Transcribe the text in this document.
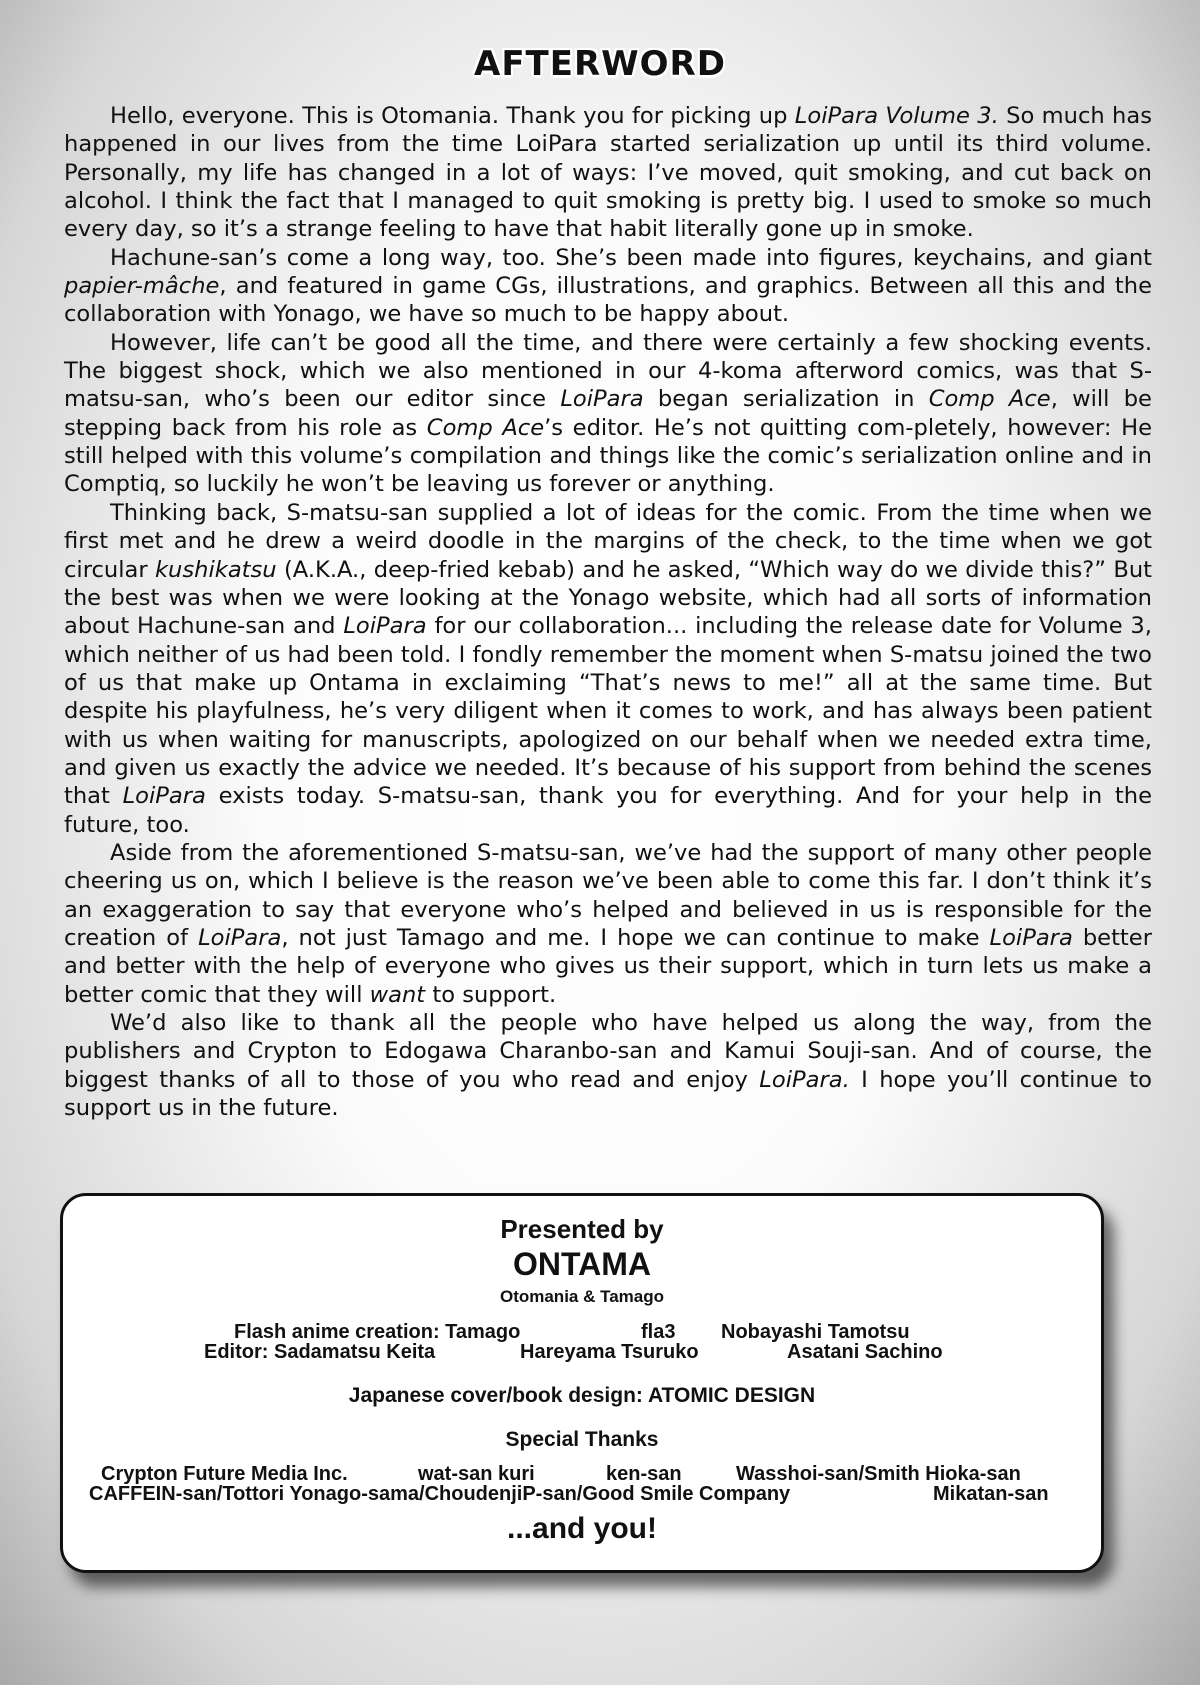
AFTERWORD

Hello, everyone. This is Otomania. Thank you for picking up LoiPara Volume 3. So much has happened in our lives from the time LoiPara started serialization up until its third volume. Personally, my life has changed in a lot of ways: I’ve moved, quit smoking, and cut back on alcohol. I think the fact that I managed to quit smoking is pretty big. I used to smoke so much every day, so it’s a strange feeling to have that habit literally gone up in smoke.

Hachune-san’s come a long way, too. She’s been made into figures, keychains, and giant papier-mâche, and featured in game CGs, illustrations, and graphics. Between all this and the collaboration with Yonago, we have so much to be happy about.

However, life can’t be good all the time, and there were certainly a few shocking events. The biggest shock, which we also mentioned in our 4-koma afterword comics, was that S-matsu-san, who’s been our editor since LoiPara began serialization in Comp Ace, will be stepping back from his role as Comp Ace’s editor. He’s not quitting com-pletely, however: He still helped with this volume’s compilation and things like the comic’s serialization online and in Comptiq, so luckily he won’t be leaving us forever or anything.

Thinking back, S-matsu-san supplied a lot of ideas for the comic. From the time when we first met and he drew a weird doodle in the margins of the check, to the time when we got circular kushikatsu (A.K.A., deep-fried kebab) and he asked, “Which way do we divide this?” But the best was when we were looking at the Yonago website, which had all sorts of information about Hachune-san and LoiPara for our collaboration... including the release date for Volume 3, which neither of us had been told. I fondly remember the moment when S-matsu joined the two of us that make up Ontama in exclaiming “That’s news to me!” all at the same time. But despite his playfulness, he’s very diligent when it comes to work, and has always been patient with us when waiting for manuscripts, apologized on our behalf when we needed extra time, and given us exactly the advice we needed. It’s because of his support from behind the scenes that LoiPara exists today. S-matsu-san, thank you for everything. And for your help in the future, too.

Aside from the aforementioned S-matsu-san, we’ve had the support of many other people cheering us on, which I believe is the reason we’ve been able to come this far. I don’t think it’s an exaggeration to say that everyone who’s helped and believed in us is responsible for the creation of LoiPara, not just Tamago and me. I hope we can continue to make LoiPara better and better with the help of everyone who gives us their support, which in turn lets us make a better comic that they will want to support.

We’d also like to thank all the people who have helped us along the way, from the publishers and Crypton to Edogawa Charanbo-san and Kamui Souji-san. And of course, the biggest thanks of all to those of you who read and enjoy LoiPara. I hope you’ll continue to support us in the future.

Presented by
ONTAMA
Otomania & Tamago
Flash anime creation: Tamago	fla3 Nobayashi Tamotsu
Editor: Sadamatsu Keita	Hareyama Tsuruko	Asatani Sachino
Japanese cover/book design: ATOMIC DESIGN
Special Thanks
Crypton Future Media Inc.	wat-san kuri	ken-san	Wasshoi-san/Smith Hioka-san
CAFFEIN-san/Tottori Yonago-sama/ChoudenjiP-san/Good Smile Company	Mikatan-san
...and you!
